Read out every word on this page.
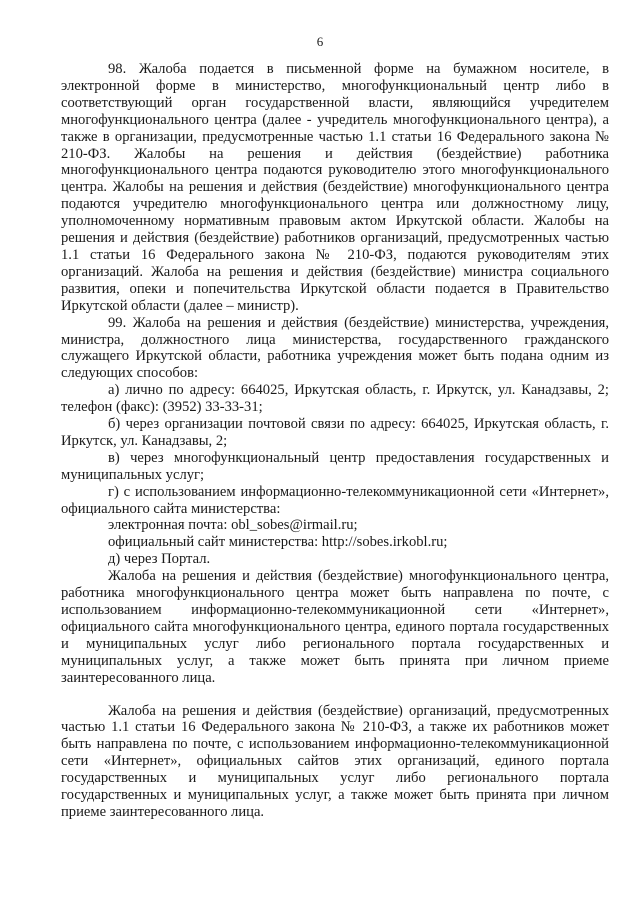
6

98. Жалоба подается в письменной форме на бумажном носителе, в электронной форме в министерство, многофункциональный центр либо в соответствующий орган государственной власти, являющийся учредителем многофункционального центра (далее - учредитель многофункционального центра), а также в организации, предусмотренные частью 1.1 статьи 16 Федерального закона № 210-ФЗ. Жалобы на решения и действия (бездействие) работника многофункционального центра подаются руководителю этого многофункционального центра. Жалобы на решения и действия (бездействие) многофункционального центра подаются учредителю многофункционального центра или должностному лицу, уполномоченному нормативным правовым актом Иркутской области. Жалобы на решения и действия (бездействие) работников организаций, предусмотренных частью 1.1 статьи 16 Федерального закона № 210-ФЗ, подаются руководителям этих организаций. Жалоба на решения и действия (бездействие) министра социального развития, опеки и попечительства Иркутской области подается в Правительство Иркутской области (далее – министр).

99. Жалоба на решения и действия (бездействие) министерства, учреждения, министра, должностного лица министерства, государственного гражданского служащего Иркутской области, работника учреждения может быть подана одним из следующих способов:

а) лично по адресу: 664025, Иркутская область, г. Иркутск, ул. Канадзавы, 2; телефон (факс): (3952) 33-33-31;

б) через организации почтовой связи по адресу: 664025, Иркутская область, г. Иркутск, ул. Канадзавы, 2;

в) через многофункциональный центр предоставления государственных и муниципальных услуг;

г) с использованием информационно-телекоммуникационной сети «Интернет», официального сайта министерства:

электронная почта: obl_sobes@irmail.ru;

официальный сайт министерства: http://sobes.irkobl.ru;

д) через Портал.

Жалоба на решения и действия (бездействие) многофункционального центра, работника многофункционального центра может быть направлена по почте, с использованием информационно-телекоммуникационной сети «Интернет», официального сайта многофункционального центра, единого портала государственных и муниципальных услуг либо регионального портала государственных и муниципальных услуг, а также может быть принята при личном приеме заинтересованного лица.

Жалоба на решения и действия (бездействие) организаций, предусмотренных частью 1.1 статьи 16 Федерального закона № 210-ФЗ, а также их работников может быть направлена по почте, с использованием информационно-телекоммуникационной сети «Интернет», официальных сайтов этих организаций, единого портала государственных и муниципальных услуг либо регионального портала государственных и муниципальных услуг, а также может быть принята при личном приеме заинтересованного лица.
